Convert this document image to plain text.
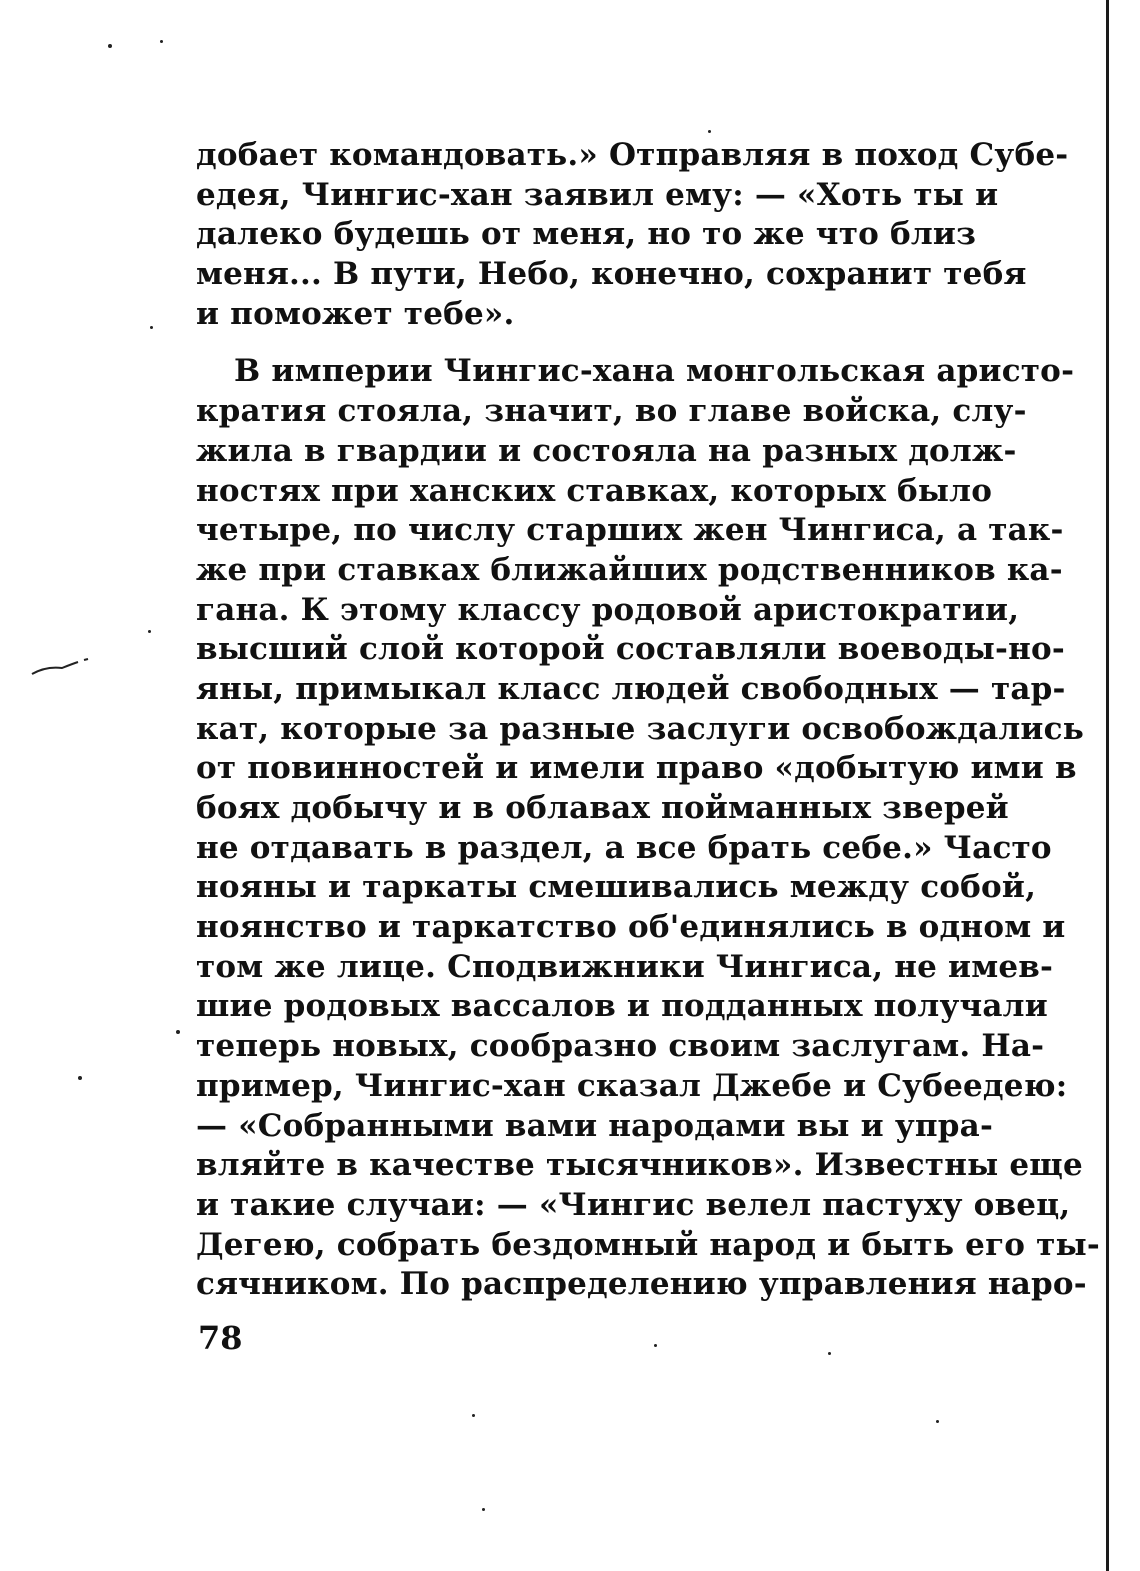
добает командовать.» Отправляя в поход Субе-
едея, Чингис-хан заявил ему: — «Хоть ты и
далеко будешь от меня, но то же что близ
меня... В пути, Небо, конечно, сохранит тебя
и поможет тебе».
В империи Чингис-хана монгольская аристо-
кратия стояла, значит, во главе войска, слу-
жила в гвардии и состояла на разных долж-
ностях при ханских ставках, которых было
четыре, по числу старших жен Чингиса, а так-
же при ставках ближайших родственников ка-
гана. К этому классу родовой аристократии,
высший слой которой составляли воеводы-но-
яны, примыкал класс людей свободных — тар-
кат, которые за разные заслуги освобождались
от повинностей и имели право «добытую ими в
боях добычу и в облавах пойманных зверей
не отдавать в раздел, а все брать себе.» Часто
нояны и таркаты смешивались между собой,
ноянство и таркатство об'единялись в одном и
том же лице. Сподвижники Чингиса, не имев-
шие родовых вассалов и подданных получали
теперь новых, сообразно своим заслугам. На-
пример, Чингис-хан сказал Джебе и Субеедею:
— «Собранными вами народами вы и упра-
вляйте в качестве тысячников». Известны еще
и такие случаи: — «Чингис велел пастуху овец,
Дегею, собрать бездомный народ и быть его ты-
сячником. По распределению управления наро-
78
